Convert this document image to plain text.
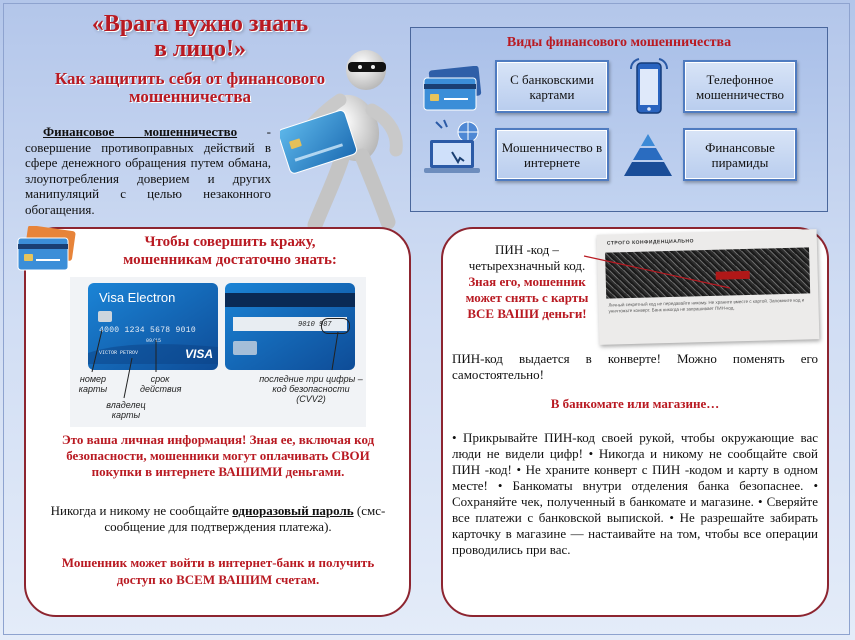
«Врага нужно знать
в лицо!»
Как защитить себя от финансового
мошенничества
Финансовое мошенничество - совершение противоправных действий в сфере денежного обращения путем обмана, злоупотребления доверием и других манипуляций с целью незаконного обогащения.
Виды финансового мошенничества
С банковскими картами
Телефонное мошенничество
Мошенничество в интернете
Финансовые пирамиды
Чтобы совершить кражу,
мошенникам достаточно знать:
Visa Electron
4000 1234 5678 9010
09/15
VICTOR PETROV	VISA
9010 987
номер
карты
владелец
карты
срок
действия
последние три цифры –
код безопасности
(CVV2)
Это ваша личная информация! Зная ее, включая код безопасности, мошенники могут оплачивать СВОИ покупки в интернете ВАШИМИ деньгами.
Никогда и никому не сообщайте одноразовый пароль (смс-сообщение для подтверждения платежа).
Мошенник может войти в интернет-банк и получить доступ ко ВСЕМ ВАШИМ счетам.
ПИН -код –
четырехзначный код.
Зная его, мошенник
может снять с карты
ВСЕ ВАШИ деньги!
СТРОГО КОНФИДЕНЦИАЛЬНО
Личный секретный код не передавайте никому. Не храните вместе с картой. Запомните код и уничтожьте конверт. Банк никогда не запрашивает ПИН-код.
ПИН-код выдается в конверте! Можно поменять его самостоятельно!
В банкомате или магазине…
• Прикрывайте ПИН-код своей рукой, чтобы окружающие вас люди не видели цифр! • Никогда и никому не сообщайте свой ПИН -код! • Не храните конверт с ПИН -кодом и карту в одном месте! • Банкоматы внутри отделения банка безопаснее. • Сохраняйте чек, полученный в банкомате и магазине. • Сверяйте все платежи с банковской выпиской. • Не разрешайте забирать карточку в магазине — настаивайте на том, чтобы все операции проводились при вас.
